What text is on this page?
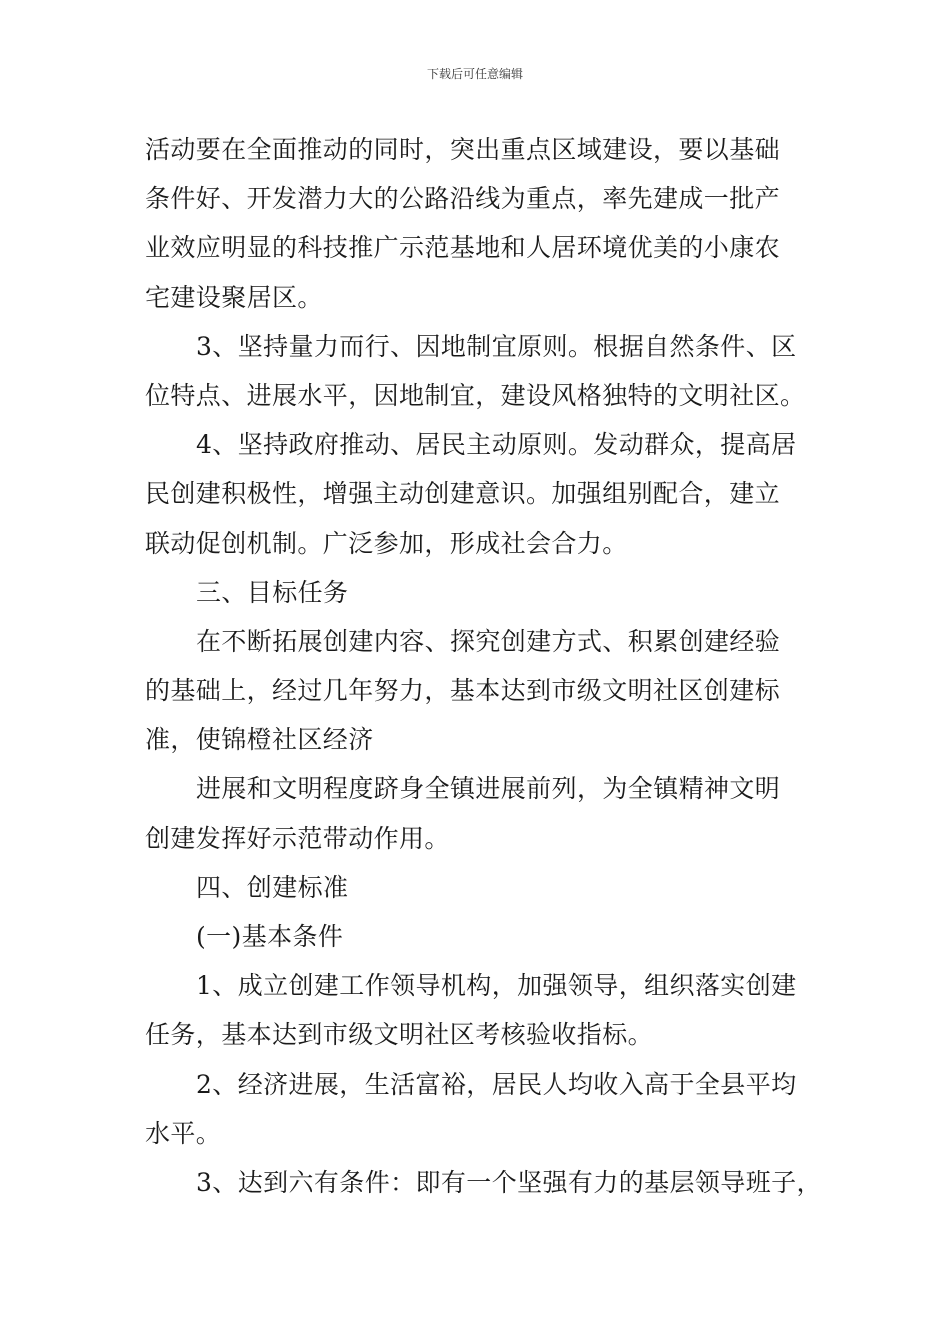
下载后可任意编辑
活动要在全面推动的同时，突出重点区域建设，要以基础
条件好、开发潜力大的公路沿线为重点，率先建成一批产
业效应明显的科技推广示范基地和人居环境优美的小康农
宅建设聚居区。
3、坚持量力而行、因地制宜原则。根据自然条件、区
位特点、进展水平，因地制宜，建设风格独特的文明社区。
4、坚持政府推动、居民主动原则。发动群众，提高居
民创建积极性，增强主动创建意识。加强组别配合，建立
联动促创机制。广泛参加，形成社会合力。
三、目标任务
在不断拓展创建内容、探究创建方式、积累创建经验
的基础上，经过几年努力，基本达到市级文明社区创建标
准，使锦橙社区经济
进展和文明程度跻身全镇进展前列，为全镇精神文明
创建发挥好示范带动作用。
四、创建标准
(一)基本条件
1、成立创建工作领导机构，加强领导，组织落实创建
任务，基本达到市级文明社区考核验收指标。
2、经济进展，生活富裕，居民人均收入高于全县平均
水平。
3、达到六有条件：即有一个坚强有力的基层领导班子，
